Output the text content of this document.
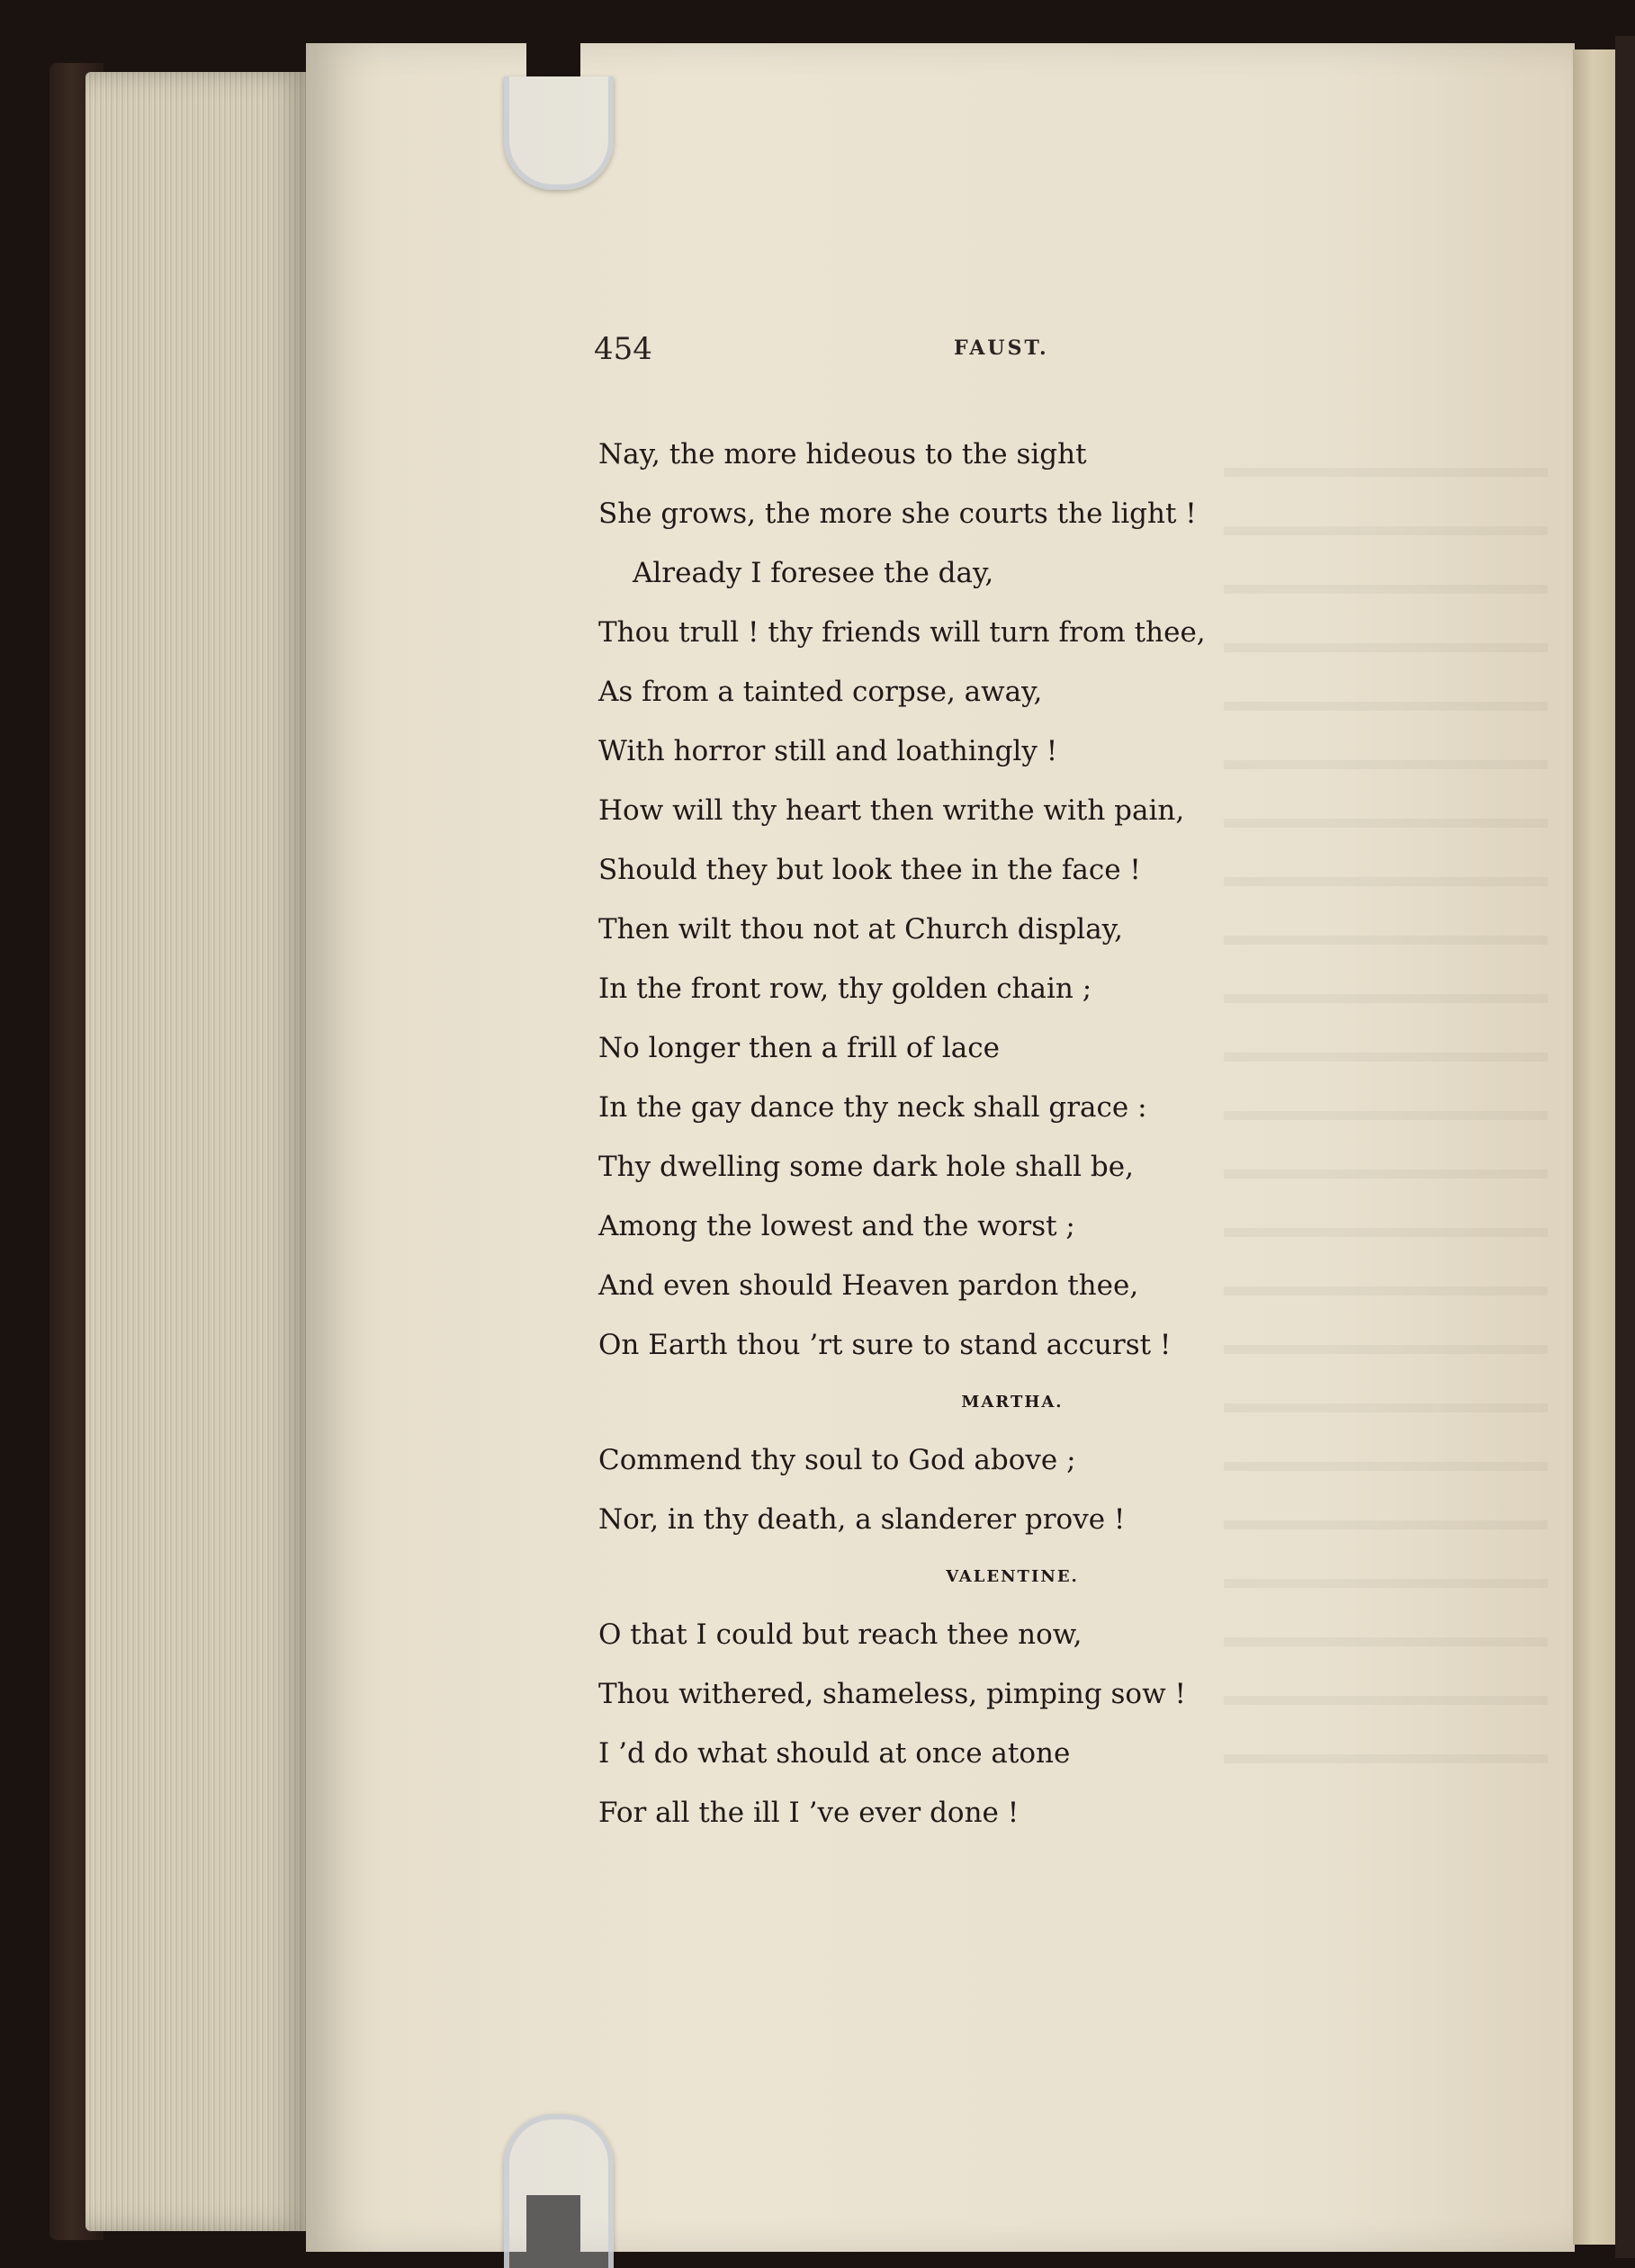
454	FAUST.
Nay, the more hideous to the sight
She grows, the more she courts the light !
Already I foresee the day,
Thou trull ! thy friends will turn from thee,
As from a tainted corpse, away,
With horror still and loathingly !
How will thy heart then writhe with pain,
Should they but look thee in the face !
Then wilt thou not at Church display,
In the front row, thy golden chain ;
No longer then a frill of lace
In the gay dance thy neck shall grace :
Thy dwelling some dark hole shall be,
Among the lowest and the worst ;
And even should Heaven pardon thee,
On Earth thou ’rt sure to stand accurst !
MARTHA.
Commend thy soul to God above ;
Nor, in thy death, a slanderer prove !
VALENTINE.
O that I could but reach thee now,
Thou withered, shameless, pimping sow !
I ’d do what should at once atone
For all the ill I ’ve ever done !
